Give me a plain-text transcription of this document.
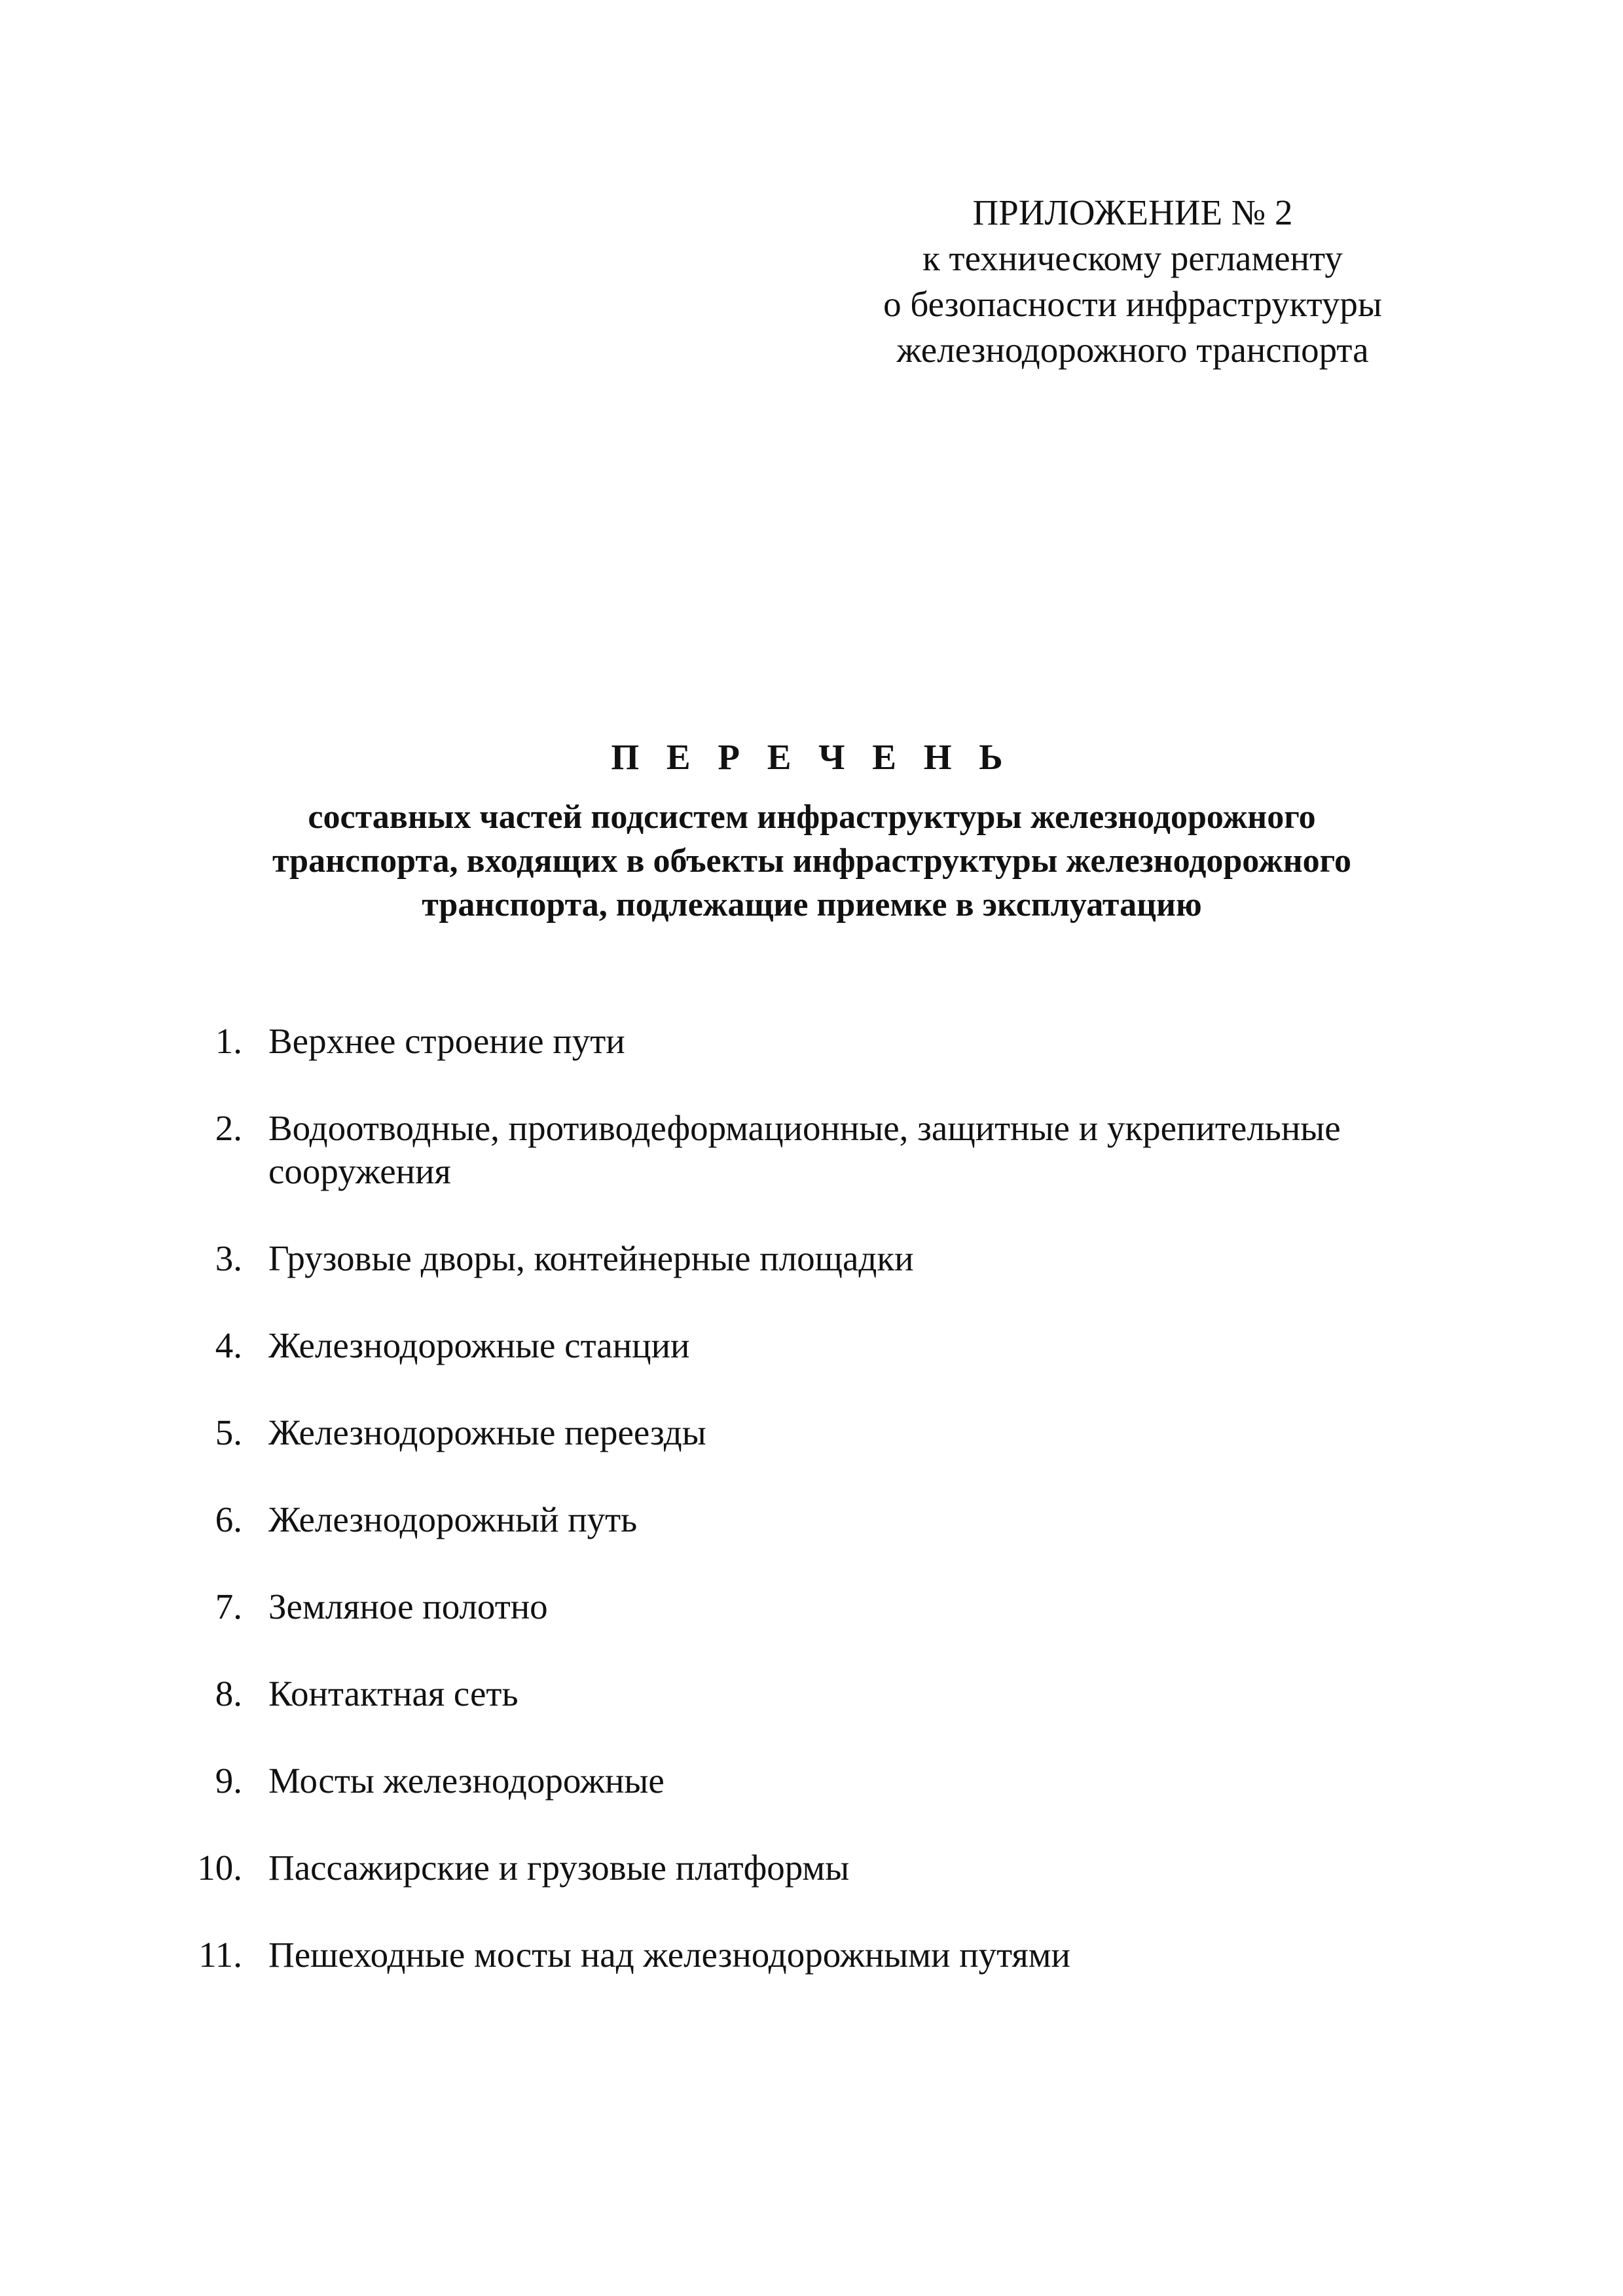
ПРИЛОЖЕНИЕ № 2
к техническому регламенту
о безопасности инфраструктуры
железнодорожного транспорта
П Е Р Е Ч Е Н Ь
составных частей подсистем инфраструктуры железнодорожного
транспорта, входящих в объекты инфраструктуры железнодорожного
транспорта, подлежащие приемке в эксплуатацию
1. Верхнее строение пути
2. Водоотводные, противодеформационные, защитные и укрепительные сооружения
3. Грузовые дворы, контейнерные площадки
4. Железнодорожные станции
5. Железнодорожные переезды
6. Железнодорожный путь
7. Земляное полотно
8. Контактная сеть
9. Мосты железнодорожные
10. Пассажирские и грузовые платформы
11. Пешеходные мосты над железнодорожными путями
